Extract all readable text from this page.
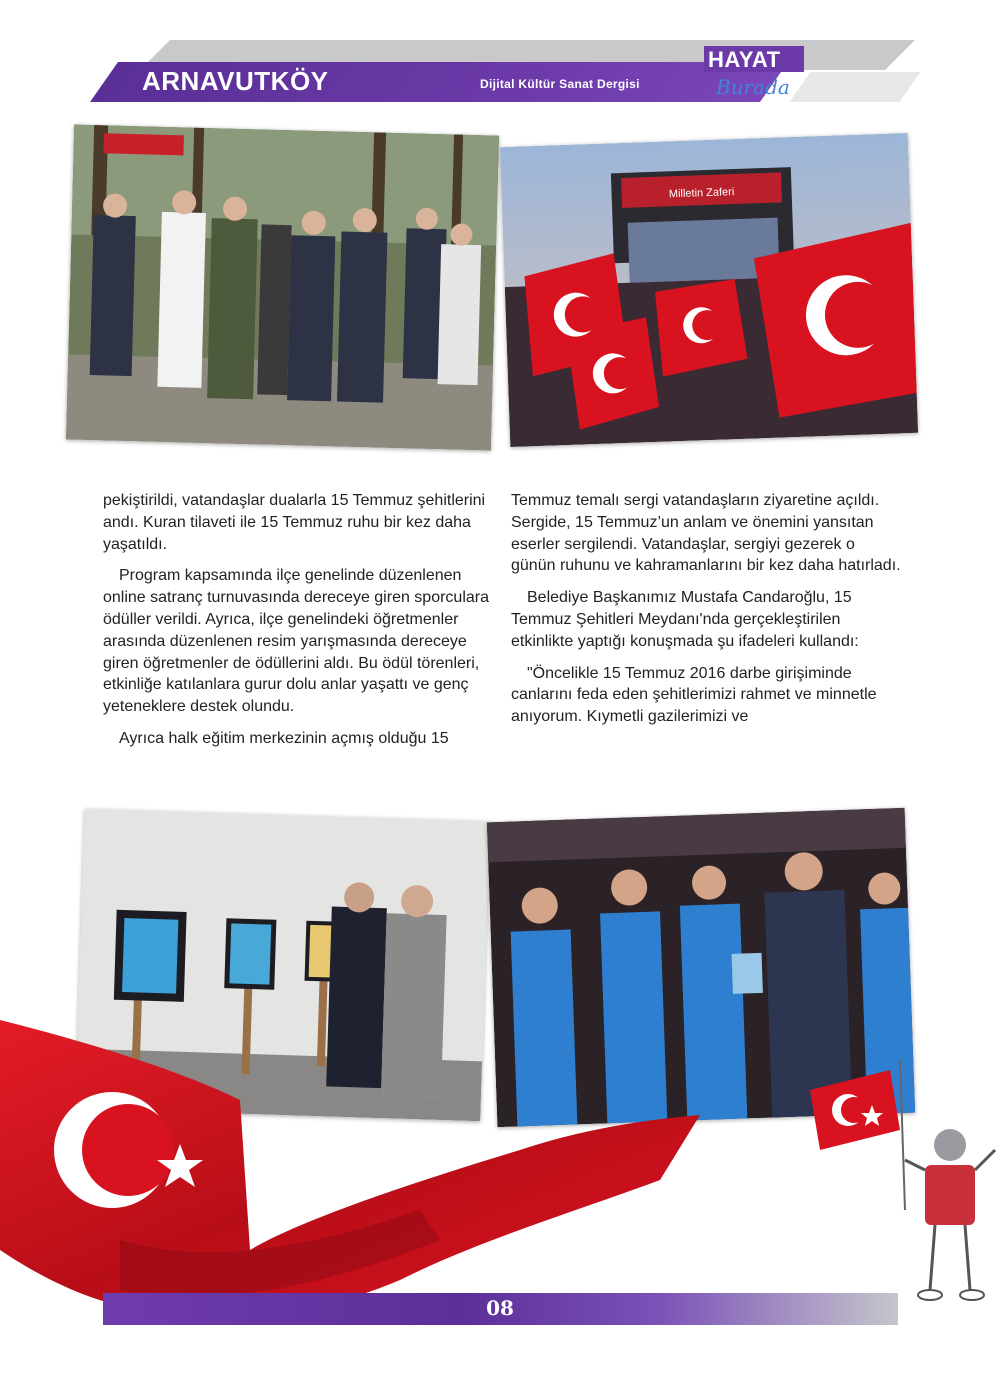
ARNAVUTKÖY	Dijital Kültür Sanat Dergisi
HAYAT
Burada
Milletin Zaferi

pekiştirildi, vatandaşlar dualarla 15 Temmuz şehitlerini andı. Kuran tilaveti ile 15 Temmuz ruhu bir kez daha yaşatıldı.

Program kapsamında ilçe genelinde düzenlenen online satranç turnuvasında dereceye giren sporculara ödüller verildi. Ayrıca, ilçe genelindeki öğretmenler arasında düzenlenen resim yarışmasında dereceye giren öğretmenler de ödüllerini aldı. Bu ödül törenleri, etkinliğe katılanlara gurur dolu anlar yaşattı ve genç yeteneklere destek olundu.

Ayrıca halk eğitim merkezinin açmış olduğu 15

Temmuz temalı sergi vatandaşların ziyaretine açıldı. Sergide, 15 Temmuz’un anlam ve önemini yansıtan eserler sergilendi. Vatandaşlar, sergiyi gezerek o günün ruhunu ve kahramanlarını bir kez daha hatırladı.

Belediye Başkanımız Mustafa Candaroğlu, 15 Temmuz Şehitleri Meydanı'nda gerçekleştirilen etkinlikte yaptığı konuşmada şu ifadeleri kullandı:

"Öncelikle 15 Temmuz 2016 darbe girişiminde canlarını feda eden şehitlerimizi rahmet ve minnetle anıyorum. Kıymetli gazilerimizi ve

08
